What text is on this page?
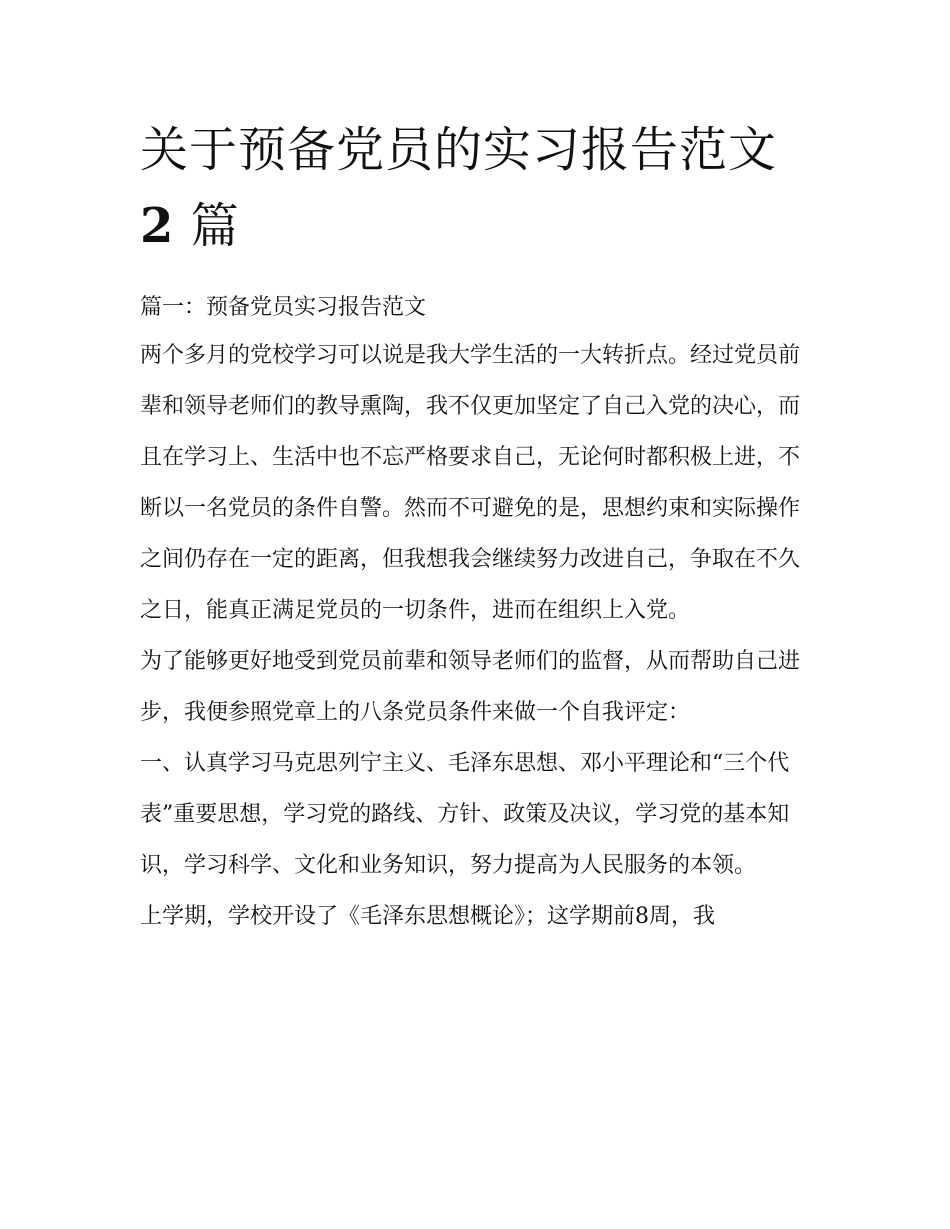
关于预备党员的实习报告范文
2 篇

篇一：预备党员实习报告范文

两个多月的党校学习可以说是我大学生活的一大转折点。经过党员前辈和领导老师们的教导熏陶，我不仅更加坚定了自己入党的决心，而且在学习上、生活中也不忘严格要求自己，无论何时都积极上进，不断以一名党员的条件自警。然而不可避免的是，思想约束和实际操作之间仍存在一定的距离，但我想我会继续努力改进自己，争取在不久之日，能真正满足党员的一切条件，进而在组织上入党。

为了能够更好地受到党员前辈和领导老师们的监督，从而帮助自己进步，我便参照党章上的八条党员条件来做一个自我评定：

一、认真学习马克思列宁主义、毛泽东思想、邓小平理论和“三个代表”重要思想，学习党的路线、方针、政策及决议，学习党的基本知识，学习科学、文化和业务知识，努力提高为人民服务的本领。

上学期，学校开设了《毛泽东思想概论》；这学期前8周，我
